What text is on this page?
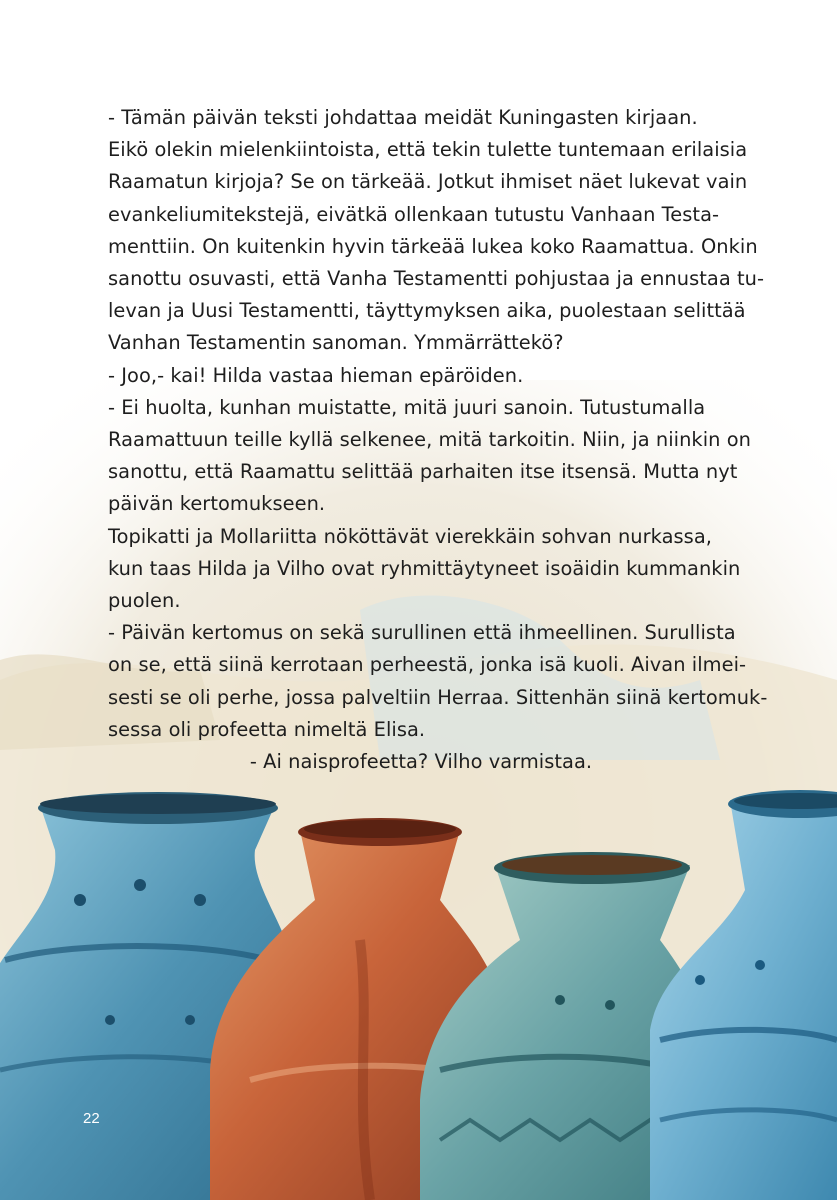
- Tämän päivän teksti johdattaa meidät Kuningasten kirjaan.
Eikö olekin mielenkiintoista, että tekin tulette tuntemaan erilaisia
Raamatun kirjoja? Se on tärkeää. Jotkut ihmiset näet lukevat vain
evankeliumitekstejä, eivätkä ollenkaan tutustu Vanhaan Testa-
menttiin. On kuitenkin hyvin tärkeää lukea koko Raamattua. Onkin
sanottu osuvasti, että Vanha Testamentti pohjustaa ja ennustaa tu-
levan ja Uusi Testamentti, täyttymyksen aika, puolestaan selittää
Vanhan Testamentin sanoman. Ymmärrättekö?

- Joo,- kai! Hilda vastaa hieman epäröiden.

- Ei huolta, kunhan muistatte, mitä juuri sanoin. Tutustumalla
Raamattuun teille kyllä selkenee, mitä tarkoitin. Niin, ja niinkin on
sanottu, että Raamattu selittää parhaiten itse itsensä. Mutta nyt
päivän kertomukseen.

Topikatti ja Mollariitta nököttävät vierekkäin sohvan nurkassa,
kun taas Hilda ja Vilho ovat ryhmittäytyneet isoäidin kummankin
puolen.

- Päivän kertomus on sekä surullinen että ihmeellinen. Surullista
on se, että siinä kerrotaan perheestä, jonka isä kuoli. Aivan ilmei-
sesti se oli perhe, jossa palveltiin Herraa. Sittenhän siinä kertomuk-
sessa oli profeetta nimeltä Elisa.

- Ai naisprofeetta? Vilho varmistaa.

22
